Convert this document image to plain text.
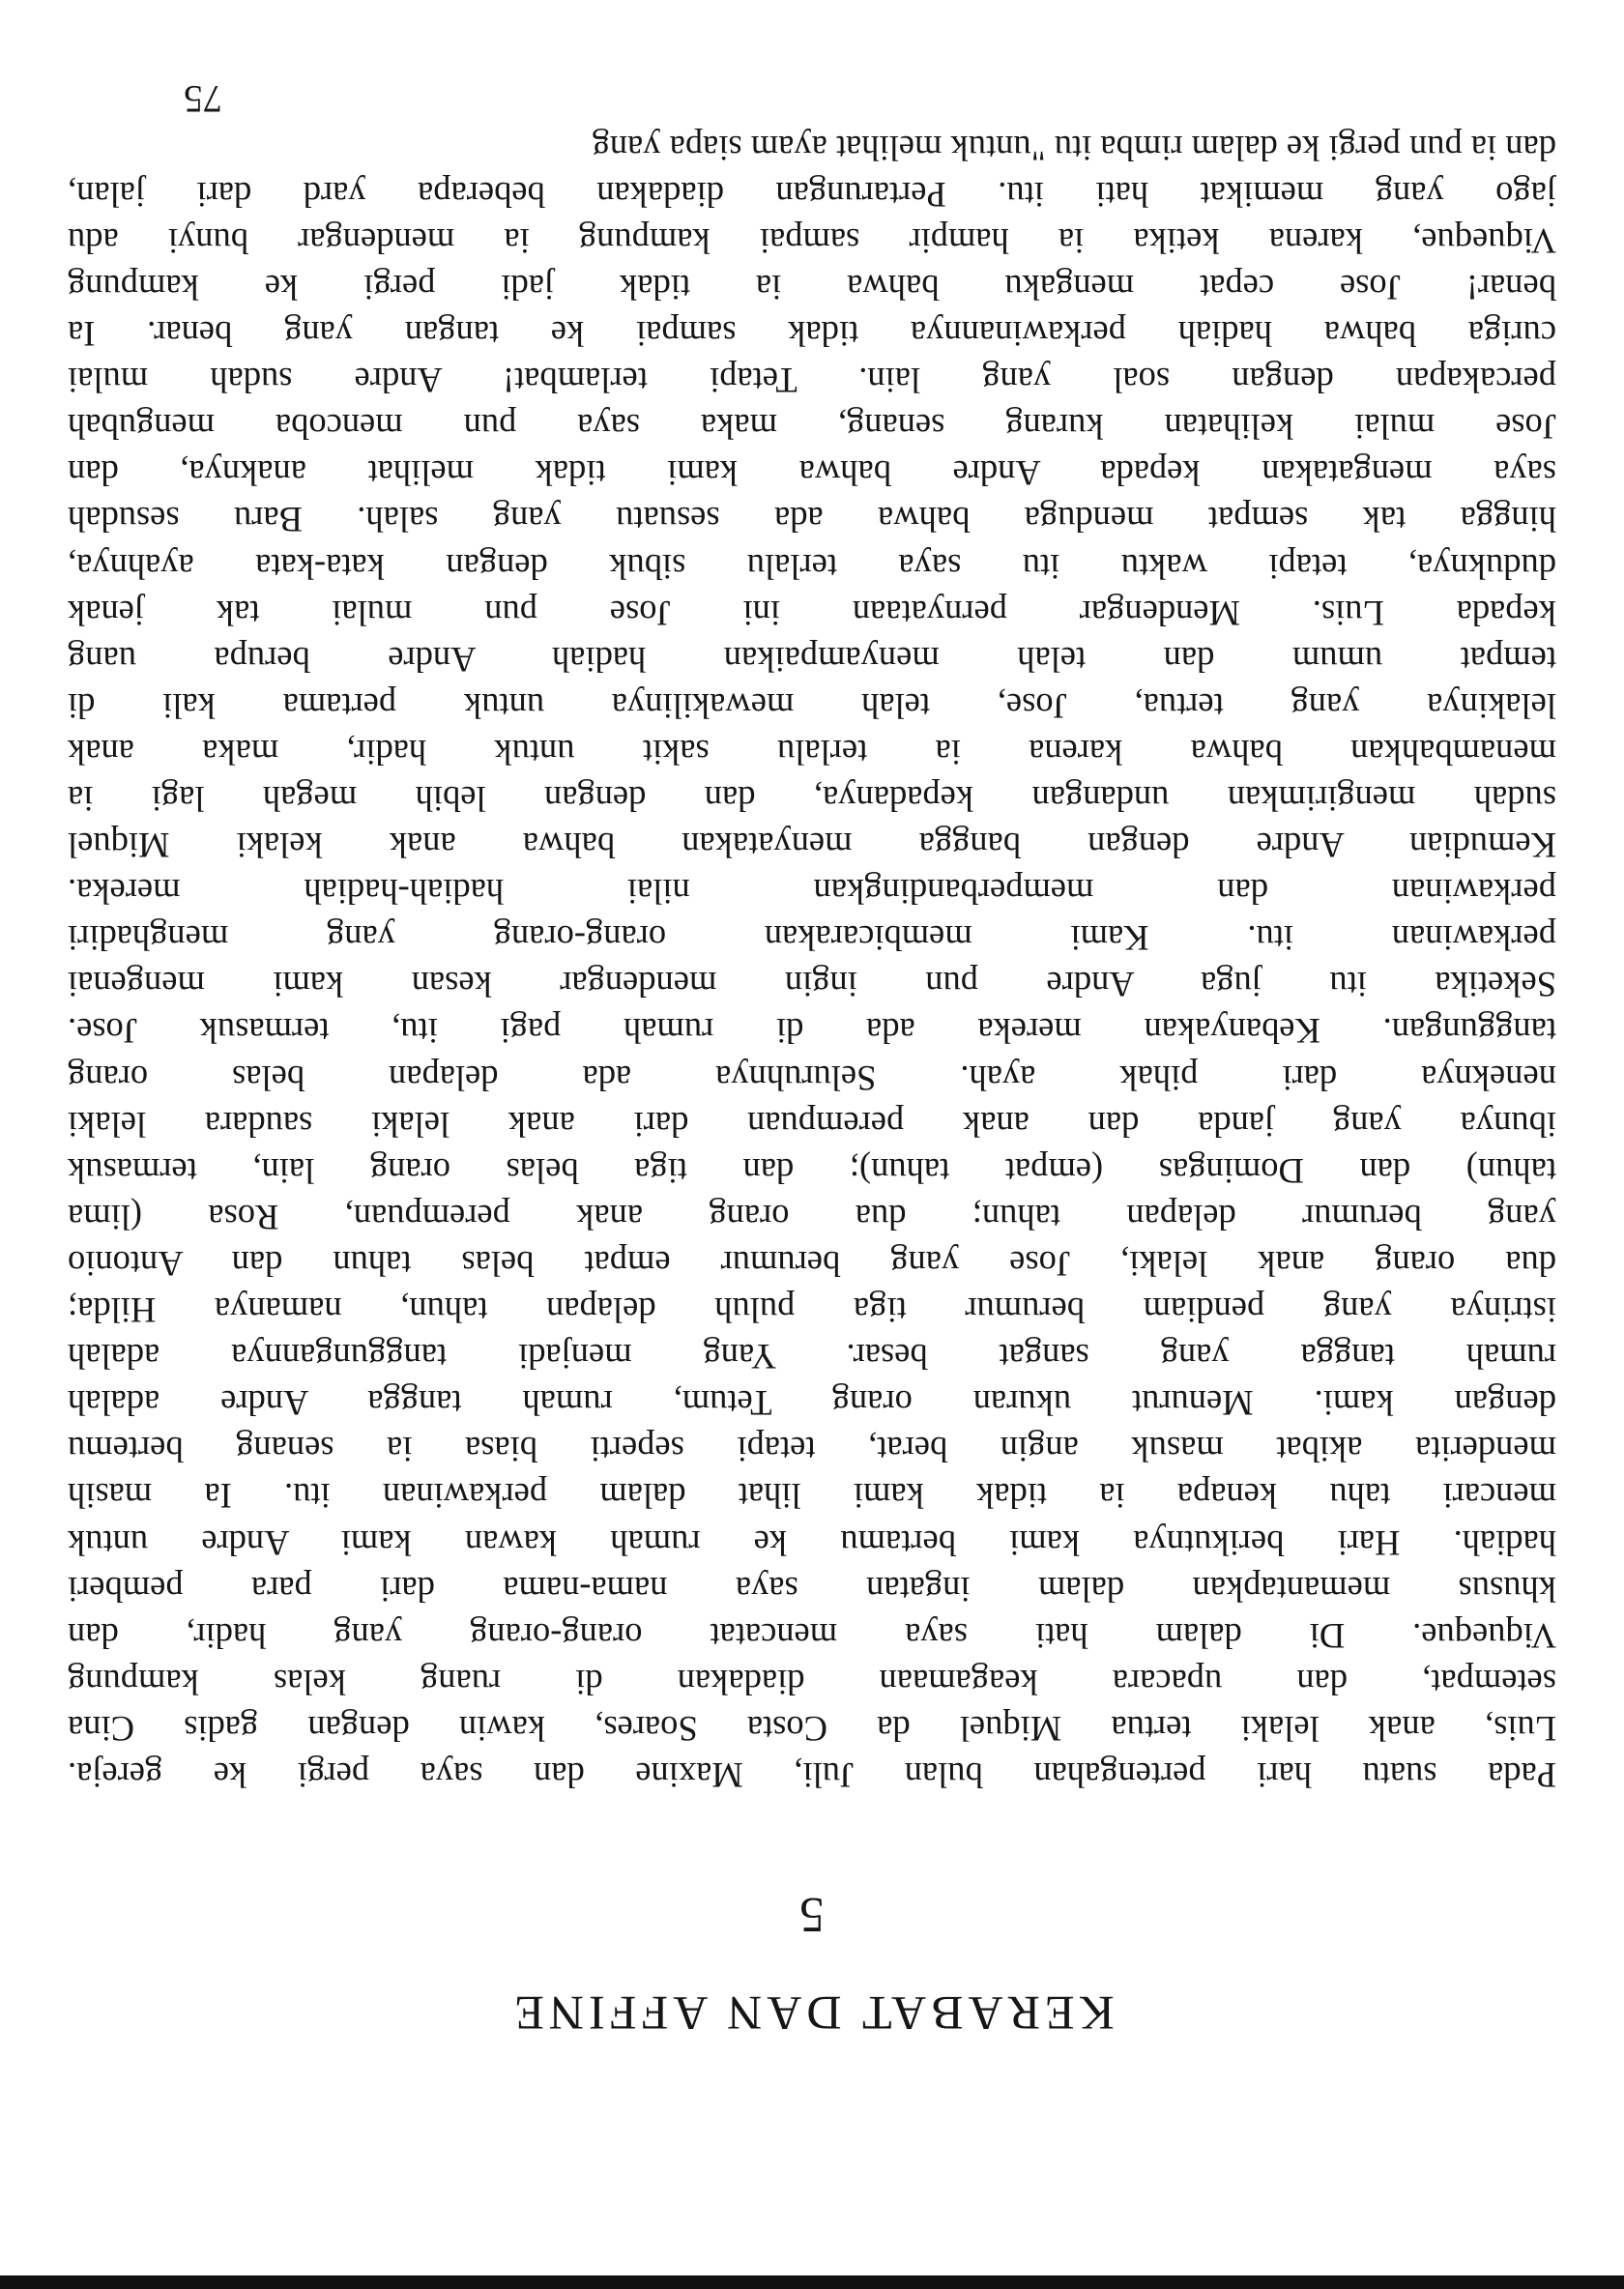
KERABAT DAN AFFINE
5
Pada suatu hari pertengahan bulan Juli, Maxine dan saya pergi ke gereja.
Luis, anak lelaki tertua Miquel da Costa Soares, kawin dengan gadis Cina
setempat, dan upacara keagamaan diadakan di ruang kelas kampung
Viqueque. Di dalam hati saya mencatat orang-orang yang hadir, dan
khusus memantapkan dalam ingatan saya nama-nama dari para pemberi
hadiah. Hari berikutnya kami bertamu ke rumah kawan kami Andre untuk
mencari tahu kenapa ia tidak kami lihat dalam perkawinan itu. Ia masih
menderita akibat masuk angin berat, tetapi seperti biasa ia senang bertemu
dengan kami. Menurut ukuran orang Tetum, rumah tangga Andre adalah
rumah tangga yang sangat besar. Yang menjadi tanggungannya adalah
istrinya yang pendiam berumur tiga puluh delapan tahun, namanya Hilda;
dua orang anak lelaki, Jose yang berumur empat belas tahun dan Antonio
yang berumur delapan tahun; dua orang anak perempuan, Rosa (lima
tahun) dan Domingas (empat tahun); dan tiga belas orang lain, termasuk
ibunya yang janda dan anak perempuan dari anak lelaki saudara lelaki
neneknya dari pihak ayah. Seluruhnya ada delapan belas orang
tanggungan. Kebanyakan mereka ada di rumah pagi itu, termasuk Jose.
Seketika itu juga Andre pun ingin mendengar kesan kami mengenai
perkawinan itu. Kami membicarakan orang-orang yang menghadiri
perkawinan dan memperbandingkan nilai hadiah-hadiah mereka.
Kemudian Andre dengan bangga menyatakan bahwa anak kelaki Miquel
sudah mengirimkan undangan kepadanya, dan dengan lebih megah lagi ia
menambahkan bahwa karena ia terlalu sakit untuk hadir, maka anak
lelakinya yang tertua, Jose, telah mewakilinya untuk pertama kali di
tempat umum dan telah menyampaikan hadiah Andre berupa uang
kepada Luis. Mendengar pernyataan ini Jose pun mulai tak jenak
duduknya, tetapi waktu itu saya terlalu sibuk dengan kata-kata ayahnya,
hingga tak sempat menduga bahwa ada sesuatu yang salah. Baru sesudah
saya mengatakan kepada Andre bahwa kami tidak melihat anaknya, dan
Jose mulai kelihatan kurang senang, maka saya pun mencoba mengubah
percakapan dengan soal yang lain. Tetapi terlambat! Andre sudah mulai
curiga bahwa hadiah perkawinannya tidak sampai ke tangan yang benar. Ia
benar! Jose cepat mengaku bahwa ia tidak jadi pergi ke kampung
Viqueque, karena ketika ia hampir sampai kampung ia mendengar bunyi adu
jago yang memikat hati itu. Pertarungan diadakan beberapa yard dari jalan,
dan ia pun pergi ke dalam rimba itu "untuk melihat ayam siapa yang
75
